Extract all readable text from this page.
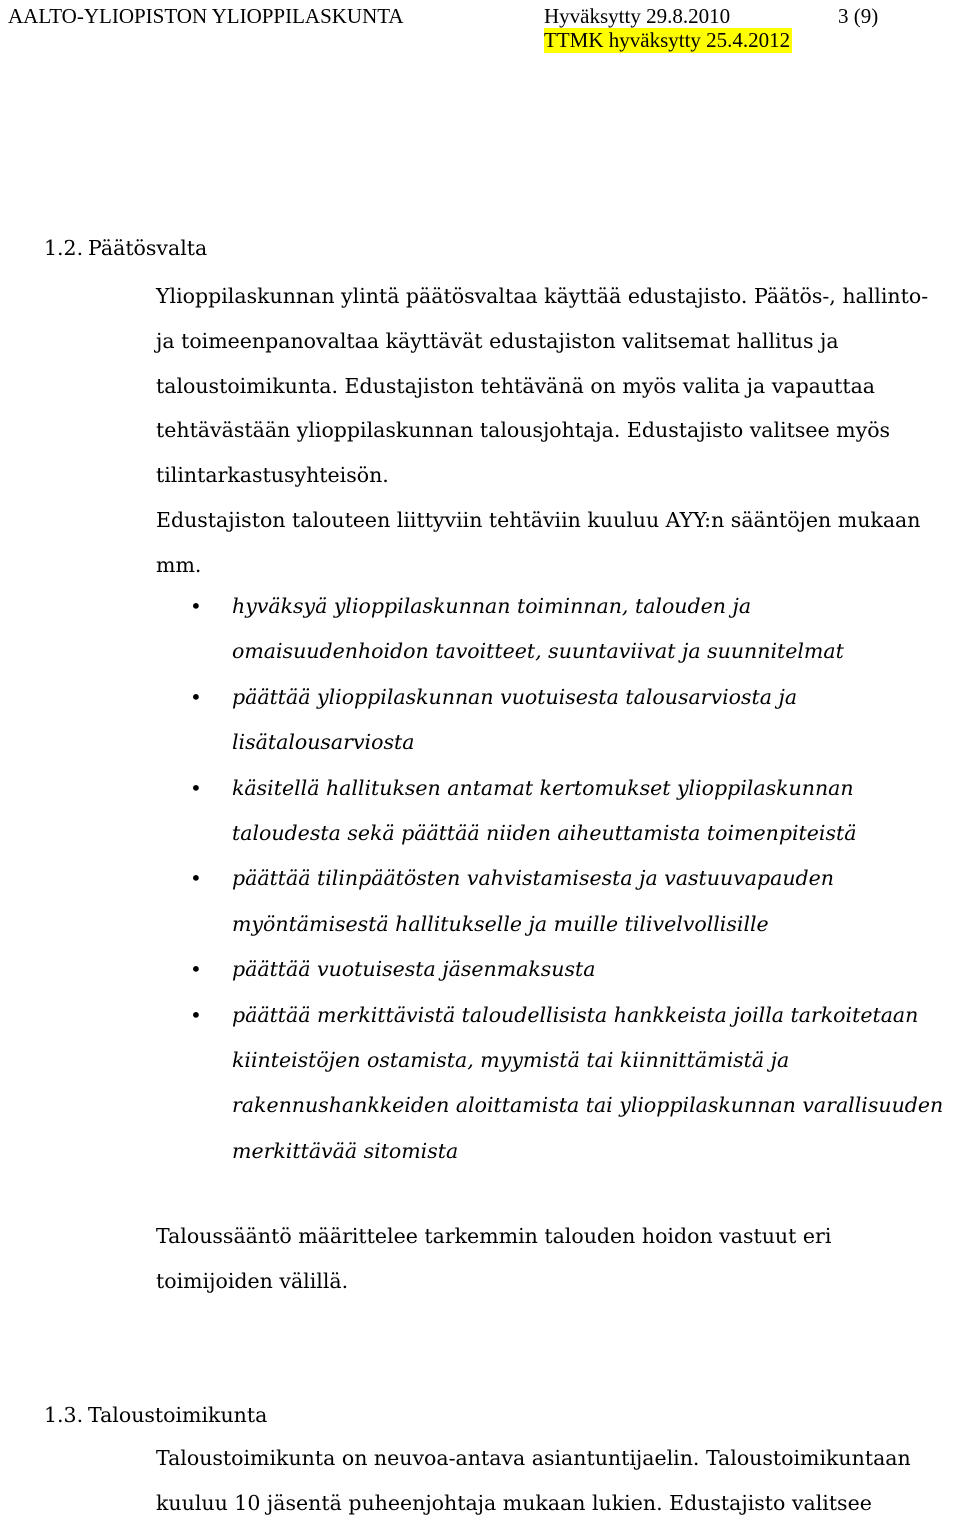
AALTO-YLIOPISTON YLIOPPILASKUNTA	Hyväksytty 29.8.2010	3 (9)
TTMK hyväksytty 25.4.2012
1.2. Päätösvalta
Ylioppilaskunnan ylintä päätösvaltaa käyttää edustajisto. Päätös-, hallinto-
ja toimeenpanovaltaa käyttävät edustajiston valitsemat hallitus ja
taloustoimikunta. Edustajiston tehtävänä on myös valita ja vapauttaa
tehtävästään ylioppilaskunnan talousjohtaja. Edustajisto valitsee myös
tilintarkastusyhteisön.
Edustajiston talouteen liittyviin tehtäviin kuuluu AYY:n sääntöjen mukaan
mm.
•
hyväksyä ylioppilaskunnan toiminnan, talouden ja
omaisuudenhoidon tavoitteet, suuntaviivat ja suunnitelmat
•
päättää ylioppilaskunnan vuotuisesta talousarviosta ja
lisätalousarviosta
•
käsitellä hallituksen antamat kertomukset ylioppilaskunnan
taloudesta sekä päättää niiden aiheuttamista toimenpiteistä
•
päättää tilinpäätösten vahvistamisesta ja vastuuvapauden
myöntämisestä hallitukselle ja muille tilivelvollisille
•
päättää vuotuisesta jäsenmaksusta
•
päättää merkittävistä taloudellisista hankkeista joilla tarkoitetaan
kiinteistöjen ostamista, myymistä tai kiinnittämistä ja
rakennushankkeiden aloittamista tai ylioppilaskunnan varallisuuden
merkittävää sitomista
Taloussääntö määrittelee tarkemmin talouden hoidon vastuut eri
toimijoiden välillä.
1.3. Taloustoimikunta
Taloustoimikunta on neuvoa-antava asiantuntijaelin. Taloustoimikuntaan
kuuluu 10 jäsentä puheenjohtaja mukaan lukien. Edustajisto valitsee
